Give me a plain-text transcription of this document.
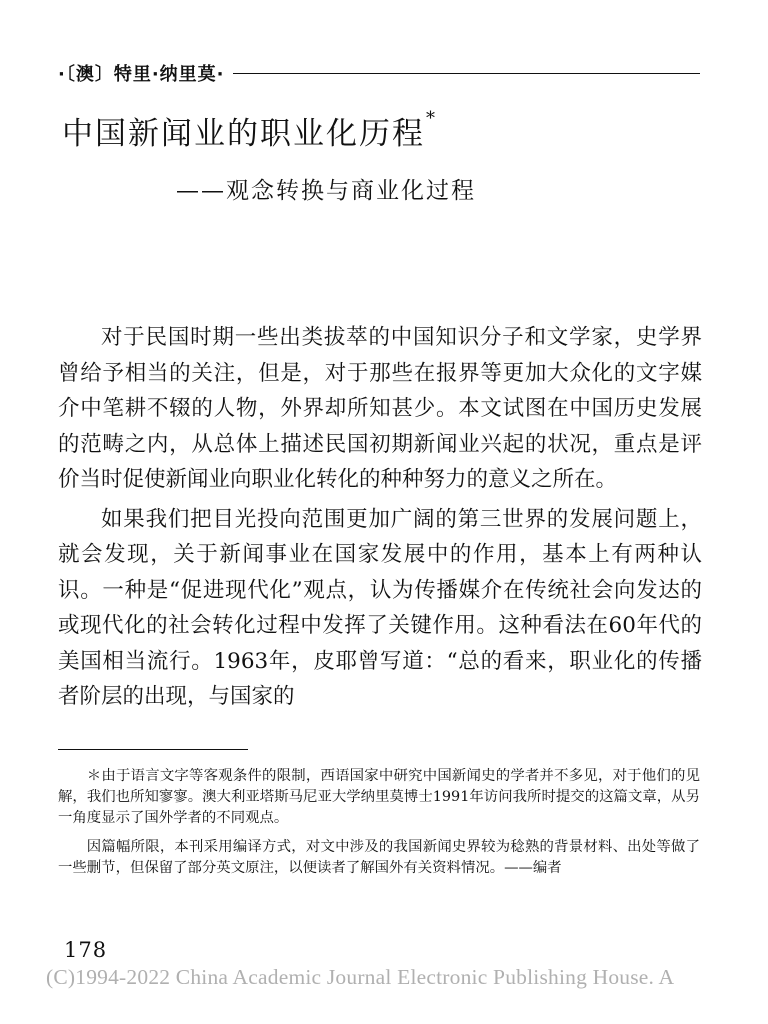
·〔澳〕特里·纳里莫·
中国新闻业的职业化历程*
——观念转换与商业化过程

对于民国时期一些出类拔萃的中国知识分子和文学家，史学界曾给予相当的关注，但是，对于那些在报界等更加大众化的文字媒介中笔耕不辍的人物，外界却所知甚少。本文试图在中国历史发展的范畴之内，从总体上描述民国初期新闻业兴起的状况，重点是评价当时促使新闻业向职业化转化的种种努力的意义之所在。

如果我们把目光投向范围更加广阔的第三世界的发展问题上，就会发现，关于新闻事业在国家发展中的作用，基本上有两种认识。一种是“促进现代化”观点，认为传播媒介在传统社会向发达的或现代化的社会转化过程中发挥了关键作用。这种看法在60年代的美国相当流行。1963年，皮耶曾写道：“总的看来，职业化的传播者阶层的出现，与国家的

＊由于语言文字等客观条件的限制，西语国家中研究中国新闻史的学者并不多见，对于他们的见解，我们也所知寥寥。澳大利亚塔斯马尼亚大学纳里莫博士1991年访问我所时提交的这篇文章，从另一角度显示了国外学者的不同观点。

因篇幅所限，本刊采用编译方式，对文中涉及的我国新闻史界较为稔熟的背景材料、出处等做了一些删节，但保留了部分英文原注，以便读者了解国外有关资料情况。——编者

178
(C)1994-2022 China Academic Journal Electronic Publishing House. A
